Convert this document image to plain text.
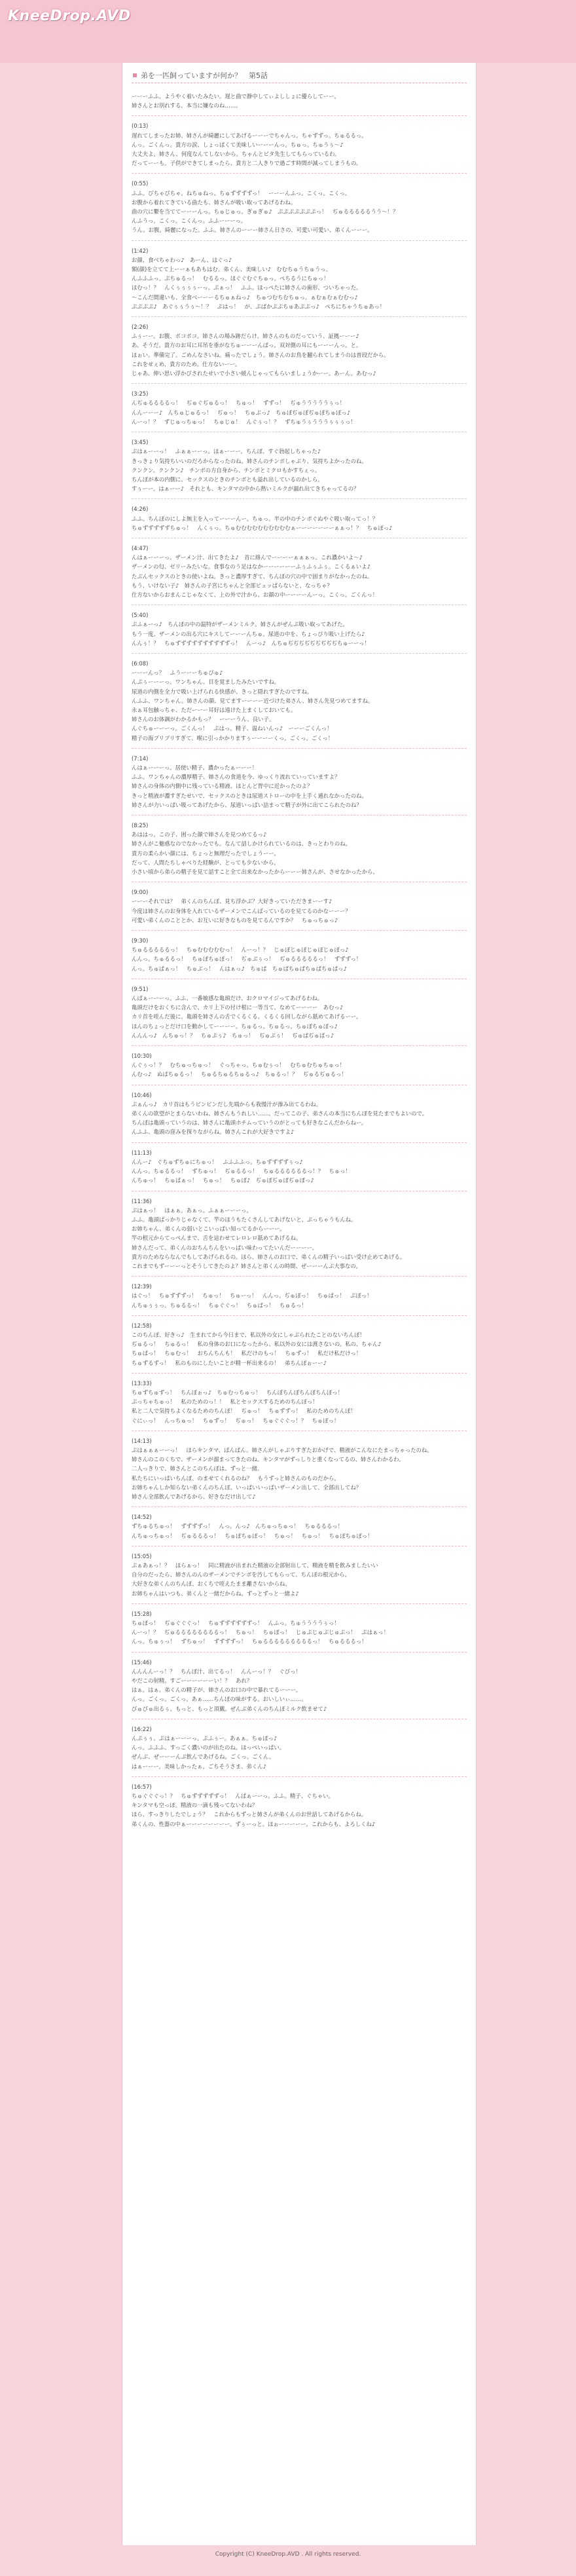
KneeDrop.AVD
弟を一匹飼っていますが何か？　第5話
ーーーふふ。ようやく着いたみたい。遅と曲で静中してぃよししょに優らしてーー。
姉さんとお別れする。本当に嫌なのね……。
(0:13)
遅れてしまったお姉、姉さんが綺麗にしてあげるーーーでちゃんっ。ちゃずずっ。ちゅるるっ。
んっ。ごくんっ。貴方の涙、しょっぱくて美味しいーーーんっ。ちゅっ。ちゅうぅ～♪
大丈夫よ。姉さん、何度なんてしないから。ちゃんとビタ先生してもらっているわ。
だってーーも。子供ができてしまったら、貴方と二人きりで過ごす時間が減ってしまうもの。
(0:55)
ふふ。びちゃびちゃ。ねちゅねっ。ちゅずずずずっ！　ーーーんふっ。こくっ。こくっ。
お腹から着れてきている曲たも、姉さんが吸い取ってあげるわね。
曲の穴に繋を当ててーーーんっ。ちゅじゅっ。ぎゅぎゅ♪　ぷぷぷぷぷぷぷっ！　ぢゅるるるるるうう～！？
んふうっ。こくっ。こくんっ。ふふーーーっ。
うん。お腹。綺麗になった。ふふ。姉さんのーーー姉さん日さの、可愛い可愛い、弟くんーーー。
(1:42)
お顔、食べちゃわっ♪　あーん、はぐっ♪
額(顔)を立てて上ーーぁもあもはむ。弟くん、美味しい♪　むむちゅうちゅうっ。
んふふふっ。ぷちゅるっ！　むるるっ。ほぐぐむぐちゅっ。ぺちるうにちゅっ！
ほむっ！？　んくぅぅぅぅーっ。ぷぁっ！　ふふ。ほっぺたに姉さんの歯形、ついちゃった。
～こんだ間違いも、全食べーーーるちゅぁねっ♪　ちゅつむちむちゅっ。ぁむぁむぁむむっ♪
ぷぷぷぷ♪　あぐぅぅうぅ～！？　ぷはっ！　が、ぷばかぷぷちゅあぷぷっ♪　ぺちにちゃうちゅあっ！
(2:26)
ふぅーー。お腹、ポコポコ。姉さんの場み跡だらけ。姉さんのものだっていう、証拠ーーー♪
あ。そうだ。貴方のお耳に耳吊を垂がなちゅーーーんぱっ。双対側の耳にもーーーんっ。と。
ほぉい。準備完了。ごめんなさいね。痛ったでしょう。姉さんのお鳥を翻られてしまうのは普段だから。
これをせぇめ、貴方のため。仕方ないーー。
じゃあ、伸い思い浮かびされたせいで小さい緩んじゃってもらいましょうかーー。あーん。あむっ♪
(3:25)
んぢゅるるるるっ！　ぢゅぐぢゅるっ！　ちゅっ！　ずずっ！　ぢゅうううううぅっ！
んんーーー♪　んちゅじゅるっ！　ぢゅっ！　ちゅぶっ♪　ちゅぽぢゅぽぢゅぽちゅぽっ♪
んーっ！？　ずじゅっちゅっ！　ちゅじゅ！　んぐぅっ！？　ずちゅうぅうううぅぅぅっ！
(3:45)
ぷはぁーーっ！　ふぁぁーーっ。ほぁーーー。ちんぽ、すぐ勃起しちゃった♪
きっきょり気持ちいいのだろからなったのね。姉さんのチンポしゃぶり、気持ちよかったのね。
クンクン。クンクン♪　チンポの方自身から、チンポとミクロもかすちぇっ。
ちんぽが本の内側に、セックスのときのチンポとも溢れ出しているのかしら。
すぅーー。はぁーー♪　それとも、キンタマの中から熱いミルクが漏れ出てきちゃってるの？
(4:26)
ふふ。ちんぽのにしよ無主を入ってーーーんー。ちゅっ。半の中のチンポぐぬやぐ吸い取ってっ！？
ちゅずずずずずちゅっ！　んくぅっ。ちゅむむむむむむむむむむぁーーーーーーーぁぁっ！？　ちゅぽっ♪
(4:47)
んはぁーーーっ。ザーメン汁、出てきたよ♪　首に絡んでーーーーぁぁぁっ。これ濃かいよ～♪
ザーメンの匂、ゼリーみたいな。食事なのう足はなかーーーーーーふぅふぅふぅ。こくるぁいよ♪
たぶんセックスのときの使いよね。きっと濃厚すぎて、ちんぽの穴の中で固まりがなかったのね。
もう、いけない子♪　姉さんの子宮にちゃんと全部ビュッぱらないと、なっちゃ？
仕方ないからおまんこじゃなくて、上の外で汁から、お顔の中ーーーーんーっ。こくっ。ごくんっ！
(5:40)
ぷふぁーっ♪　ちんぽの中の温特がザーメンミルク。姉さんがぜんぶ吸い取ってあげた。
もう一度、ザーメンの出る穴にキスしてーーーんちゅ。尿道の中を、ちょっぴり吸い上げたら♪
んんぅ！？　ちゅずずずずずずずずずずっ！　んーっ♪　んちゅぢぢぢぢぢぢぢぢぢちゅーーっ！
(6:08)
ーーーんっ？　ふうーーーちゅぴゅ♪
んぷぅーーーっ。ワンちゃん、目を覚ましたみたいですね。
尿道の内側を全力で吸い上げられる快感が、きっと隠れすぎたのですね。
んふふ、ワンちゃん。姉さんの顔、見てますーーーー近づけた弟さん、姉さん先見つめてますね。
永ぁ耳包触っちゃ、ただーーー耳好は遠けた上まくしておいても。
姉さんのお体調がわかるかもっ？　ーーーうん、良い子。
んぐちゅーーーっ。ごくんっ！　ぷはっ。精子、温ねいんっ♪　ーーーごくんっ！
精子の海ブリブリすぎて、喉に引っかかりますぅーーーーくっ。ごくっ。ごくっ！
(7:14)
んはぁーーーっ。居使い精子、濃かったぁーーー！
ふふ。ワンちゃんの濃厚精子、姉さんの食道を今、ゆっくり流れていっていますよ？
姉さんの身体の内側中に残っている精液、ほとんど胃中に近かったのよ？
きっと精液が濃すぎたせいで、セックスのときは尿道ストローの中を上手く通れなかったのね。
姉さんが力いっぱい吸ってあげたから、尿道いっぱい詰まって精子が外に出てこられたのね？
(8:25)
あははっ。この子、困った顔で姉さんを見つめてるっ♪
姉さんがこ魅惑なのでなかったでも。なんて話しかけられているのは、きっとわりのね。
貴方の柔らかい顔には、ちょっと無理だったでしょうーー。
だって、人間たちしゃべりた経験が、とっても少ないから。
小さい頃から弟らの精子を見て話すこと全て出来なかったからーーー姉さんが、させなかったから。
(9:00)
ーーーそれでは？　弟くんのちんぽ、見ち浮かぶ？大好きっていただきまーーす♪
今度は姉さんのお身体を入れているザーメンでこんばっているのを見てるのかなーーー？
可愛い弟くんのこととか、お互いに好きなものを見てるんですか？　ちゅっちゅっ♪
(9:30)
ちゅるるるるるっ！　ちゅむむむむむっ！　んーっ！？　じゅぽじゅぽじゅぽじゅぽっ♪
んんっ。ちゅるるっ！　ちゅぽちゅぽっ！　ぢゅぶぅっ！　ぢゅるるるるるっ！　ずずずっ！
んっ。ちゅぱぁっ！　ちゅぶっ！　んはぁっ♪　ちゅぱ　ちゅぱちゅぱちゅぱちゅぱっ♪
(9:51)
んぱぁーーーっ。ふふ、一番敏感な亀頭だけ、おクロマイジってあげるわね。
亀頭だけをおくちに含んで、カリ上下の付け根に一等当て、なめてーーーー　あむっ♪
カリ首を咥んだ後に、亀頭を姉さんの舌でくるくる、くるくる回しながら舐めてあげるーー。
ほんのちょっとだけ口を動かしてーーーー。ちゅるっ。ちゅるっ。ちゅぽちゅぽっ♪
んんんっ♪　んちゅっ！？　ちゅぷぅ♪　ちゅっ！　ぢゅぶぅ！　ぢゅぱぢゅぱっ♪
(10:30)
んぐぅっ！？　むちゅっちゅっ！　ぐっちゃっ。ちゅむぅっ！　むちゅむちゅちゅっ！
んむっ♪　ぬぱちゅるっ！　ちゅるちゅるちゅるっ♪　ちゅるっ！？　ぢゅるぢゅるっ！
(10:46)
ぷぁんっ♪　カリ首はもうビンビンだし先端からも我慢汁が滲み出てるわね。
弟くんの欲望がとまらないわね、姉さんもうれしい……。だってこの子、弟さんの本当にちんぽを見たまでもよいので。
ちんぽは亀頭っていうのは、姉さんに亀頭ホチムっていうのがとっても好きなこんだからねー。
んふふ、亀頭の窪みを探りながらね。姉さんこれが大好きですよ♪
(11:13)
んんー♪　ぐちゅずちゅにちゅっ！　ふふふふっ。ちゅずずずずぅっ♪
んんっ。ちゅるるっ！　ずちゅっ！　ぢゅるるっ！　ちゅるるるるるるっ！？　ちゅっ！
んちゅっ！　ちゅぱぁっ！　ちゅっ！　ちゅぽ♪　ぢゅぽぢゅぽぢゅぽっ♪
(11:36)
ぷはぁっ！　ほぁぁ。あぁっ。ふぁぁーーーっ。
ふふ。亀頭ばっかりじゃなくて、竿のほうもたくさんしてあげないと、ぶっちゃうもんね。
お姉ちゃん、弟くんの弱いとこいっぱい知ってるからーーー。
竿の根元からてっぺんまで、舌を這わせてレロレロ舐めてあげるね。
姉さんだって、弟くんのおちんちんをいっぱい味わってたいんだーーーー。
貴方のためならなんでもしてあげられるの。ほら、姉さんのお口で、弟くんの精子いっぱい受け止めてあげる。
これまでもずーーーっとそうしてきたのよ？姉さんと弟くんの時間、ぜーーーんぶ大事なの。
(12:39)
はぐっ！　ちゅずずずっ！　ちゅっ！　ちゅーっ！　んんっ。ぢゅぽっ！　ちゅぱっ！　ぷぽっ！
んちゅぅぅっ。ちゅるるっ！　ちゅぐぐっ！　ちゅぱっ！　ちゅるっ！
(12:58)
このちんぽ、好きっ♪　生まれてから今日まで、私以外の女にしゃぶられたことのないちんぽ！
ぢゅるっ！　ちゅるっ！　私の身体のお口になったから、私以外の女には渡さないの。私の、ちゃん♪
ちゅぱっ！　ちゅむっ！　おちんちんも！　私だけのもっ！　ちゅずっ！　私だけ私だけっ！
ちゅずるずっ！　私のものにしたいことが精一杯出来るの！　弟ちんぽぉーー♪
(13:33)
ちゅずちゅずっ！　ちんぽぉっ♪　ちゅむっちゅっ！　ちんぽちんぽちんぽちんぽっ！
ぷっちゃちゅっ！　私のためのっ！！　私とセックスするためのちんぽっ！
私と二人で気持ちよくなるためのちんぽ！　ぢゅっ！　ちゅずずっ！　私のためのちんぽ！
ぐにぃっ！　んっちゅっ！　ちゅずっ！　ぢゅっ！　ちゅぐぐぐっ！？　ちゅぽっ！
(14:13)
ぷはぁぁぁーーっ！　ほらキンタマ、ぱんぱん。姉さんがしゃぶりすぎたおかげで、精液がこんなにたまっちゃったのね。
姉さんのこのくちで、ザーメンが溜まってきたのね。キンタマがずっしりと重くなってるの、姉さんわかるわ。
二人っきりで、姉さんとこのちんぽは、ずっと一緒。
私たちにいっぱいちんぽ、のませてくれるのね？　もうずっと姉さんのものだから。
お姉ちゃんしか知らない弟くんのちんぽ、いっぱいいっぱいザーメン出して、全部出してね？
姉さん全部飲んであげるから、好きなだけ出して♪
(14:52)
ずちゅるちゅっ！　ずずずずっ！　んっ。んっ♪　んちゅっちゅっ！　ちゅるるるっ！
んちゅっちゅっ！　ぢゅるるるっ！　ちゅぽちゅぽっ！　ちゅっ！　ちゅっ！　ちゅぽちゅぽっ！
(15:05)
ぷぁあぁっ！？　ほらぁっ！　同に精液が出まれた精液の全部射出して、精液を精を飲みましたいい
自分のだったら、姉さんのんのザーメンでチンポを汚してもらって、ちんぽの根元から。
大好きな弟くんのちんぽ、おくちで咥えたまま離さないからね。
お姉ちゃんはいつも、弟くんと一緒だからね。ずっとずっと一緒よ♪
(15:28)
ちゅぽっ！　ぢゅぐぐぐっ！　ちゅずずずずずずっ！　んふっ。ちゅううううぅっ！
んーっ！？　ぢゅるるるるるるるるっ！　ちゅっ！　ちゅぽっ！　じゅぷじゅぷじゅぷっ！　ぷはぁっ！
んっ。ちゅぅっ！　ずちゅっ！　ずずずずっ！　ちゅるるるるるるるるるっ！　ちゅるるるっ！
(15:46)
んんんんーっ！？　ちんぽ汁、出てるっ！　んんーっ！？　ぐびっ！
やだこの射精。すごーーーーーーい！？　あれ？
はぁ。はぁ。弟くんの精子が、姉さんのお口の中で暴れてるーーー。
んっ。ごくっ。ごくっ。あぁ……ちんぽの味がする。おいしいぃ……。
びゅびゅ出るぅ。もっと、もっと頂戴。ぜんぶ弟くんのちんぽミルク飲ませて♪
(16:22)
んぷぅぅ。ぷはぁーーーっ。ぷふぅー。あぁぁ。ちゅぽっ♪
んっ。ふふふ、すっごく濃いのが出たのね。ほっぺいっぱい。
ぜんぶ、ぜーーーんぶ飲んであげるね。ごくっ。ごくん。
はぁーーー。美味しかったぁ。ごちそうさま、弟くん♪
(16:57)
ちゅぐぐぐっ！？　ちゅずずずずずっ！　んぱぁーーっ。ふふ。精子、ぐちゃい。
キンタマも空っぽ。精液の一滴も残ってないわね？
ほら、すっきりしたでしょう？　これからもずっと姉さんが弟くんのお世話してあげるからね。
弟くんの、性器の中ぁーーーーーーーー。ずぅーっと。ほぉーーーーー。これからも、よろしくね♪
Copyright (C) KneeDrop.AVD . All rights reserved.
